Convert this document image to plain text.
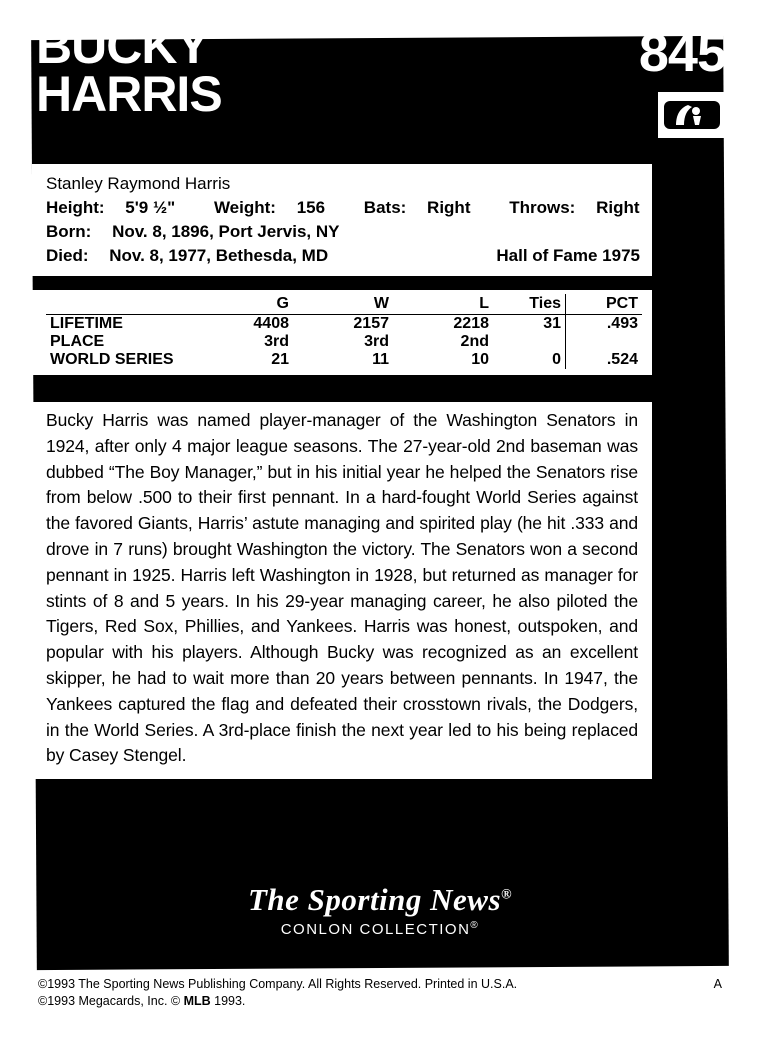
BUCKY
HARRIS
845
Stanley Raymond Harris
Height: 5'9 ½" Weight: 156 Bats: Right Throws: Right
Born: Nov. 8, 1896, Port Jervis, NY
Hall of Fame 1975
Died: Nov. 8, 1977, Bethesda, MD
	G	W	L	Ties	PCT
LIFETIME	4408	2157	2218	31	.493
PLACE	3rd	3rd	2nd		
WORLD SERIES	21	11	10	0	.524
Bucky Harris was named player-manager of the Washington Senators in 1924, after only 4 major league seasons. The 27-year-old 2nd baseman was dubbed “The Boy Manager,” but in his initial year he helped the Senators rise from below .500 to their first pennant. In a hard-fought World Series against the favored Giants, Harris’ astute managing and spirited play (he hit .333 and drove in 7 runs) brought Washington the victory. The Senators won a second pennant in 1925. Harris left Washington in 1928, but returned as manager for stints of 8 and 5 years. In his 29-year managing career, he also piloted the Tigers, Red Sox, Phillies, and Yankees. Harris was honest, outspoken, and popular with his players. Although Bucky was recognized as an excellent skipper, he had to wait more than 20 years between pennants. In 1947, the Yankees captured the flag and defeated their crosstown rivals, the Dodgers, in the World Series. A 3rd-place finish the next year led to his being replaced by Casey Stengel.
The Sporting News®
CONLON COLLECTION®
©1993 The Sporting News Publishing Company. All Rights Reserved. Printed in U.S.A.
©1993 Megacards, Inc. © MLB 1993.
A
